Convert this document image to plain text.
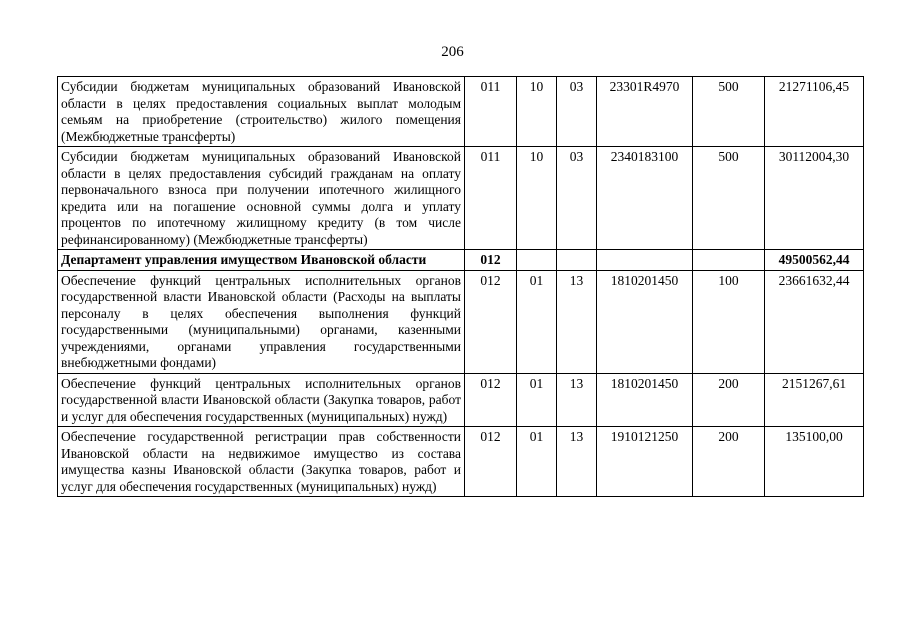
206
Субсидии бюджетам муниципальных образований Ивановской области в целях предоставления социальных выплат молодым семьям на приобретение (строительство) жилого помещения (Межбюджетные трансферты)	011	10	03	23301R4970	500	21271106,45
Субсидии бюджетам муниципальных образований Ивановской области в целях предоставления субсидий гражданам на оплату первоначального взноса при получении ипотечного жилищного кредита или на погашение основной суммы долга и уплату процентов по ипотечному жилищному кредиту (в том числе рефинансированному) (Межбюджетные трансферты)	011	10	03	2340183100	500	30112004,30
Департамент управления имуществом Ивановской области	012					49500562,44
Обеспечение функций центральных исполнительных органов государственной власти Ивановской области (Расходы на выплаты персоналу в целях обеспечения выполнения функций государственными (муниципальными) органами, казенными учреждениями, органами управления государственными внебюджетными фондами)	012	01	13	1810201450	100	23661632,44
Обеспечение функций центральных исполнительных органов государственной власти Ивановской области (Закупка товаров, работ и услуг для обеспечения государственных (муниципальных) нужд)	012	01	13	1810201450	200	2151267,61
Обеспечение государственной регистрации прав собственности Ивановской области на недвижимое имущество из состава имущества казны Ивановской области (Закупка товаров, работ и услуг для обеспечения государственных (муниципальных) нужд)	012	01	13	1910121250	200	135100,00
